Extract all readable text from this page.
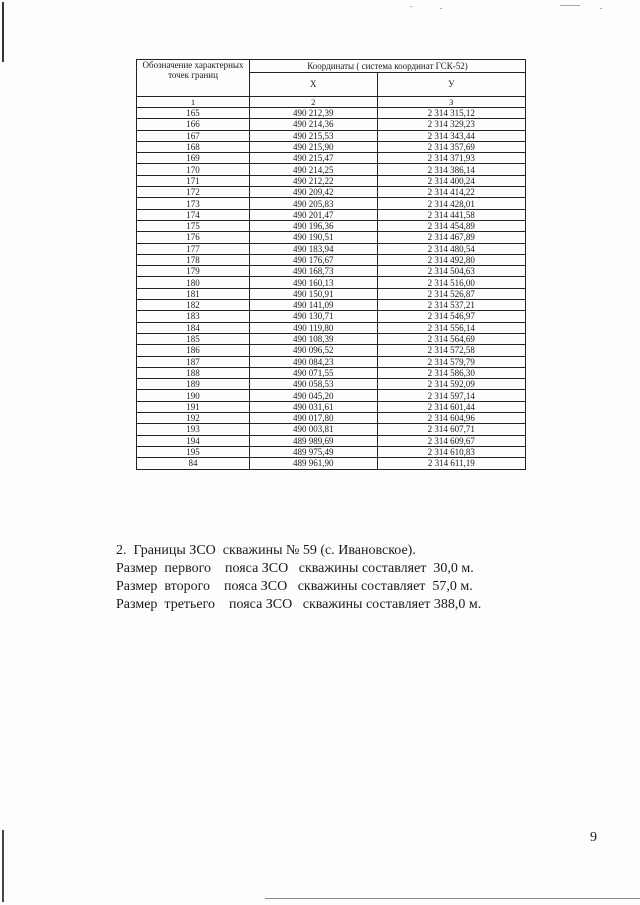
Обозначение характерных точек границ	Координаты ( система координат ГСК-52)	
	X	У
1	2	3
165	490 212,39	2 314 315,12
166	490 214,36	2 314 329,23
167	490 215,53	2 314 343,44
168	490 215,90	2 314 357,69
169	490 215,47	2 314 371,93
170	490 214,25	2 314 386,14
171	490 212,22	2 314 400,24
172	490 209,42	2 314 414,22
173	490 205,83	2 314 428,01
174	490 201,47	2 314 441,58
175	490 196,36	2 314 454,89
176	490 190,51	2 314 467,89
177	490 183,94	2 314 480,54
178	490 176,67	2 314 492,80
179	490 168,73	2 314 504,63
180	490 160,13	2 314 516,00
181	490 150,91	2 314 526,87
182	490 141,09	2 314 537,21
183	490 130,71	2 314 546,97
184	490 119,80	2 314 556,14
185	490 108,39	2 314 564,69
186	490 096,52	2 314 572,58
187	490 084,23	2 314 579,79
188	490 071,55	2 314 586,30
189	490 058,53	2 314 592,09
190	490 045,20	2 314 597,14
191	490 031,61	2 314 601,44
192	490 017,80	2 314 604,96
193	490 003,81	2 314 607,71
194	489 989,69	2 314 609,67
195	489 975,49	2 314 610,83
84	489 961,90	2 314 611,19
2.  Границы ЗСО  скважины № 59 (с. Ивановское).
Размер  первого    пояса ЗСО   скважины составляет  30,0 м.
Размер  второго    пояса ЗСО   скважины составляет  57,0 м.
Размер  третьего    пояса ЗСО   скважины составляет 388,0 м.
9
